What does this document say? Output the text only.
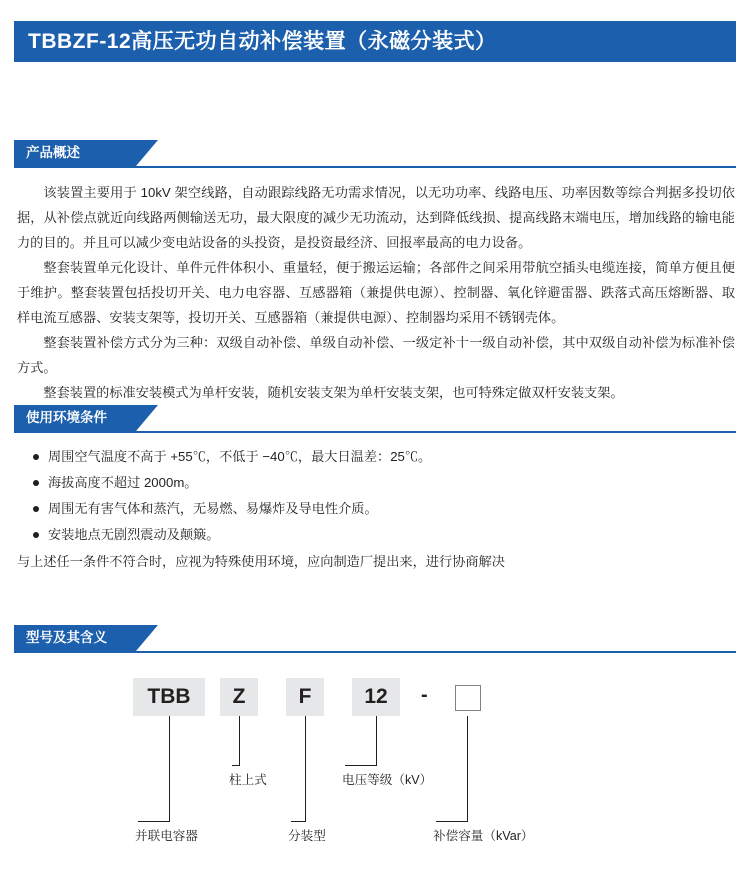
TBBZF-12高压无功自动补偿装置（永磁分装式）
产品概述

该装置主要用于 10kV 架空线路，自动跟踪线路无功需求情况，以无功功率、线路电压、功率因数等综合判据多投切依据，从补偿点就近向线路两侧输送无功，最大限度的减少无功流动，达到降低线损、提高线路末端电压，增加线路的输电能力的目的。并且可以减少变电站设备的头投资，是投资最经济、回报率最高的电力设备。

整套装置单元化设计、单件元件体积小、重量轻，便于搬运运输；各部件之间采用带航空插头电缆连接，简单方便且便于维护。整套装置包括投切开关、电力电容器、互感器箱（兼提供电源）、控制器、氧化锌避雷器、跌落式高压熔断器、取样电流互感器、安装支架等，投切开关、互感器箱（兼提供电源）、控制器均采用不锈钢壳体。

整套装置补偿方式分为三种：双级自动补偿、单级自动补偿、一级定补十一级自动补偿，其中双级自动补偿为标准补偿方式。

整套装置的标准安装模式为单杆安装，随机安装支架为单杆安装支架，也可特殊定做双杆安装支架。

使用环境条件
周围空气温度不高于 +55℃，不低于 −40℃，最大日温差：25℃。
海拔高度不超过 2000m。
周围无有害气体和蒸汽，无易燃、易爆炸及导电性介质。
安装地点无剧烈震动及颠簸。
与上述任一条件不符合时，应视为特殊使用环境，应向制造厂提出来，进行协商解决
型号及其含义
TBB	Z	F	12	-
并联电容器
柱上式
分装型
电压等级（kV）
补偿容量（kVar）
